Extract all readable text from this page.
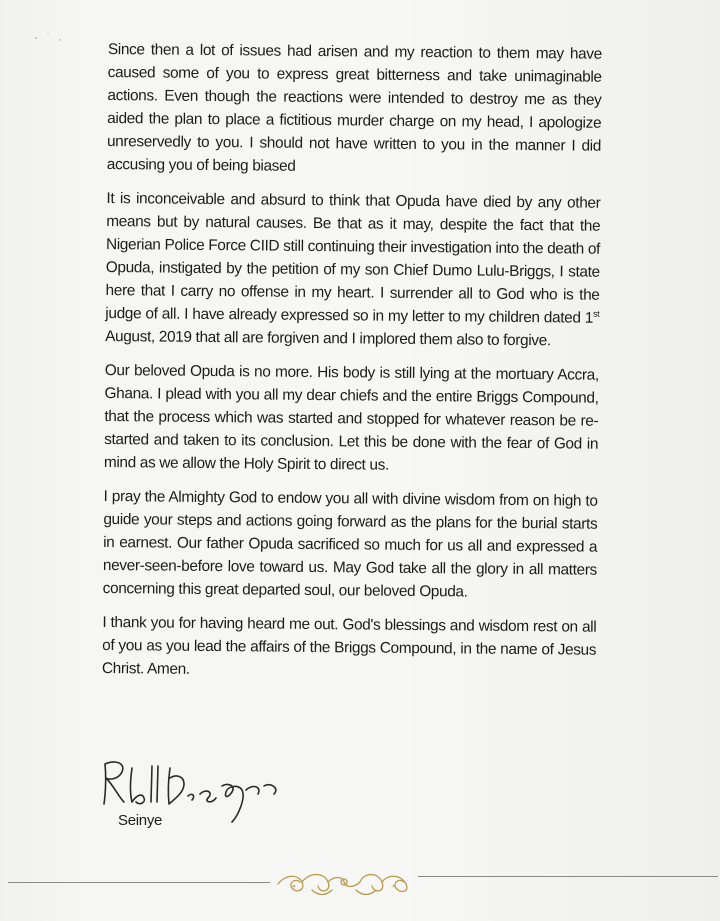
Since then a lot of issues had arisen and my reaction to them may have caused some of you to express great bitterness and take unimaginable actions. Even though the reactions were intended to destroy me as they aided the plan to place a fictitious murder charge on my head, I apologize unreservedly to you. I should not have written to you in the manner I did accusing you of being biased

It is inconceivable and absurd to think that Opuda have died by any other means but by natural causes. Be that as it may, despite the fact that the Nigerian Police Force CIID still continuing their investigation into the death of Opuda, instigated by the petition of my son Chief Dumo Lulu-Briggs, I state here that I carry no offense in my heart. I surrender all to God who is the judge of all. I have already expressed so in my letter to my children dated 1st August, 2019 that all are forgiven and I implored them also to forgive.

Our beloved Opuda is no more. His body is still lying at the mortuary Accra, Ghana. I plead with you all my dear chiefs and the entire Briggs Compound, that the process which was started and stopped for whatever reason be re-started and taken to its conclusion. Let this be done with the fear of God in mind as we allow the Holy Spirit to direct us.

I pray the Almighty God to endow you all with divine wisdom from on high to guide your steps and actions going forward as the plans for the burial starts in earnest. Our father Opuda sacrificed so much for us all and expressed a never-seen-before love toward us. May God take all the glory in all matters concerning this great departed soul, our beloved Opuda.

I thank you for having heard me out. God's blessings and wisdom rest on all of you as you lead the affairs of the Briggs Compound, in the name of Jesus Christ. Amen.

Seinye
